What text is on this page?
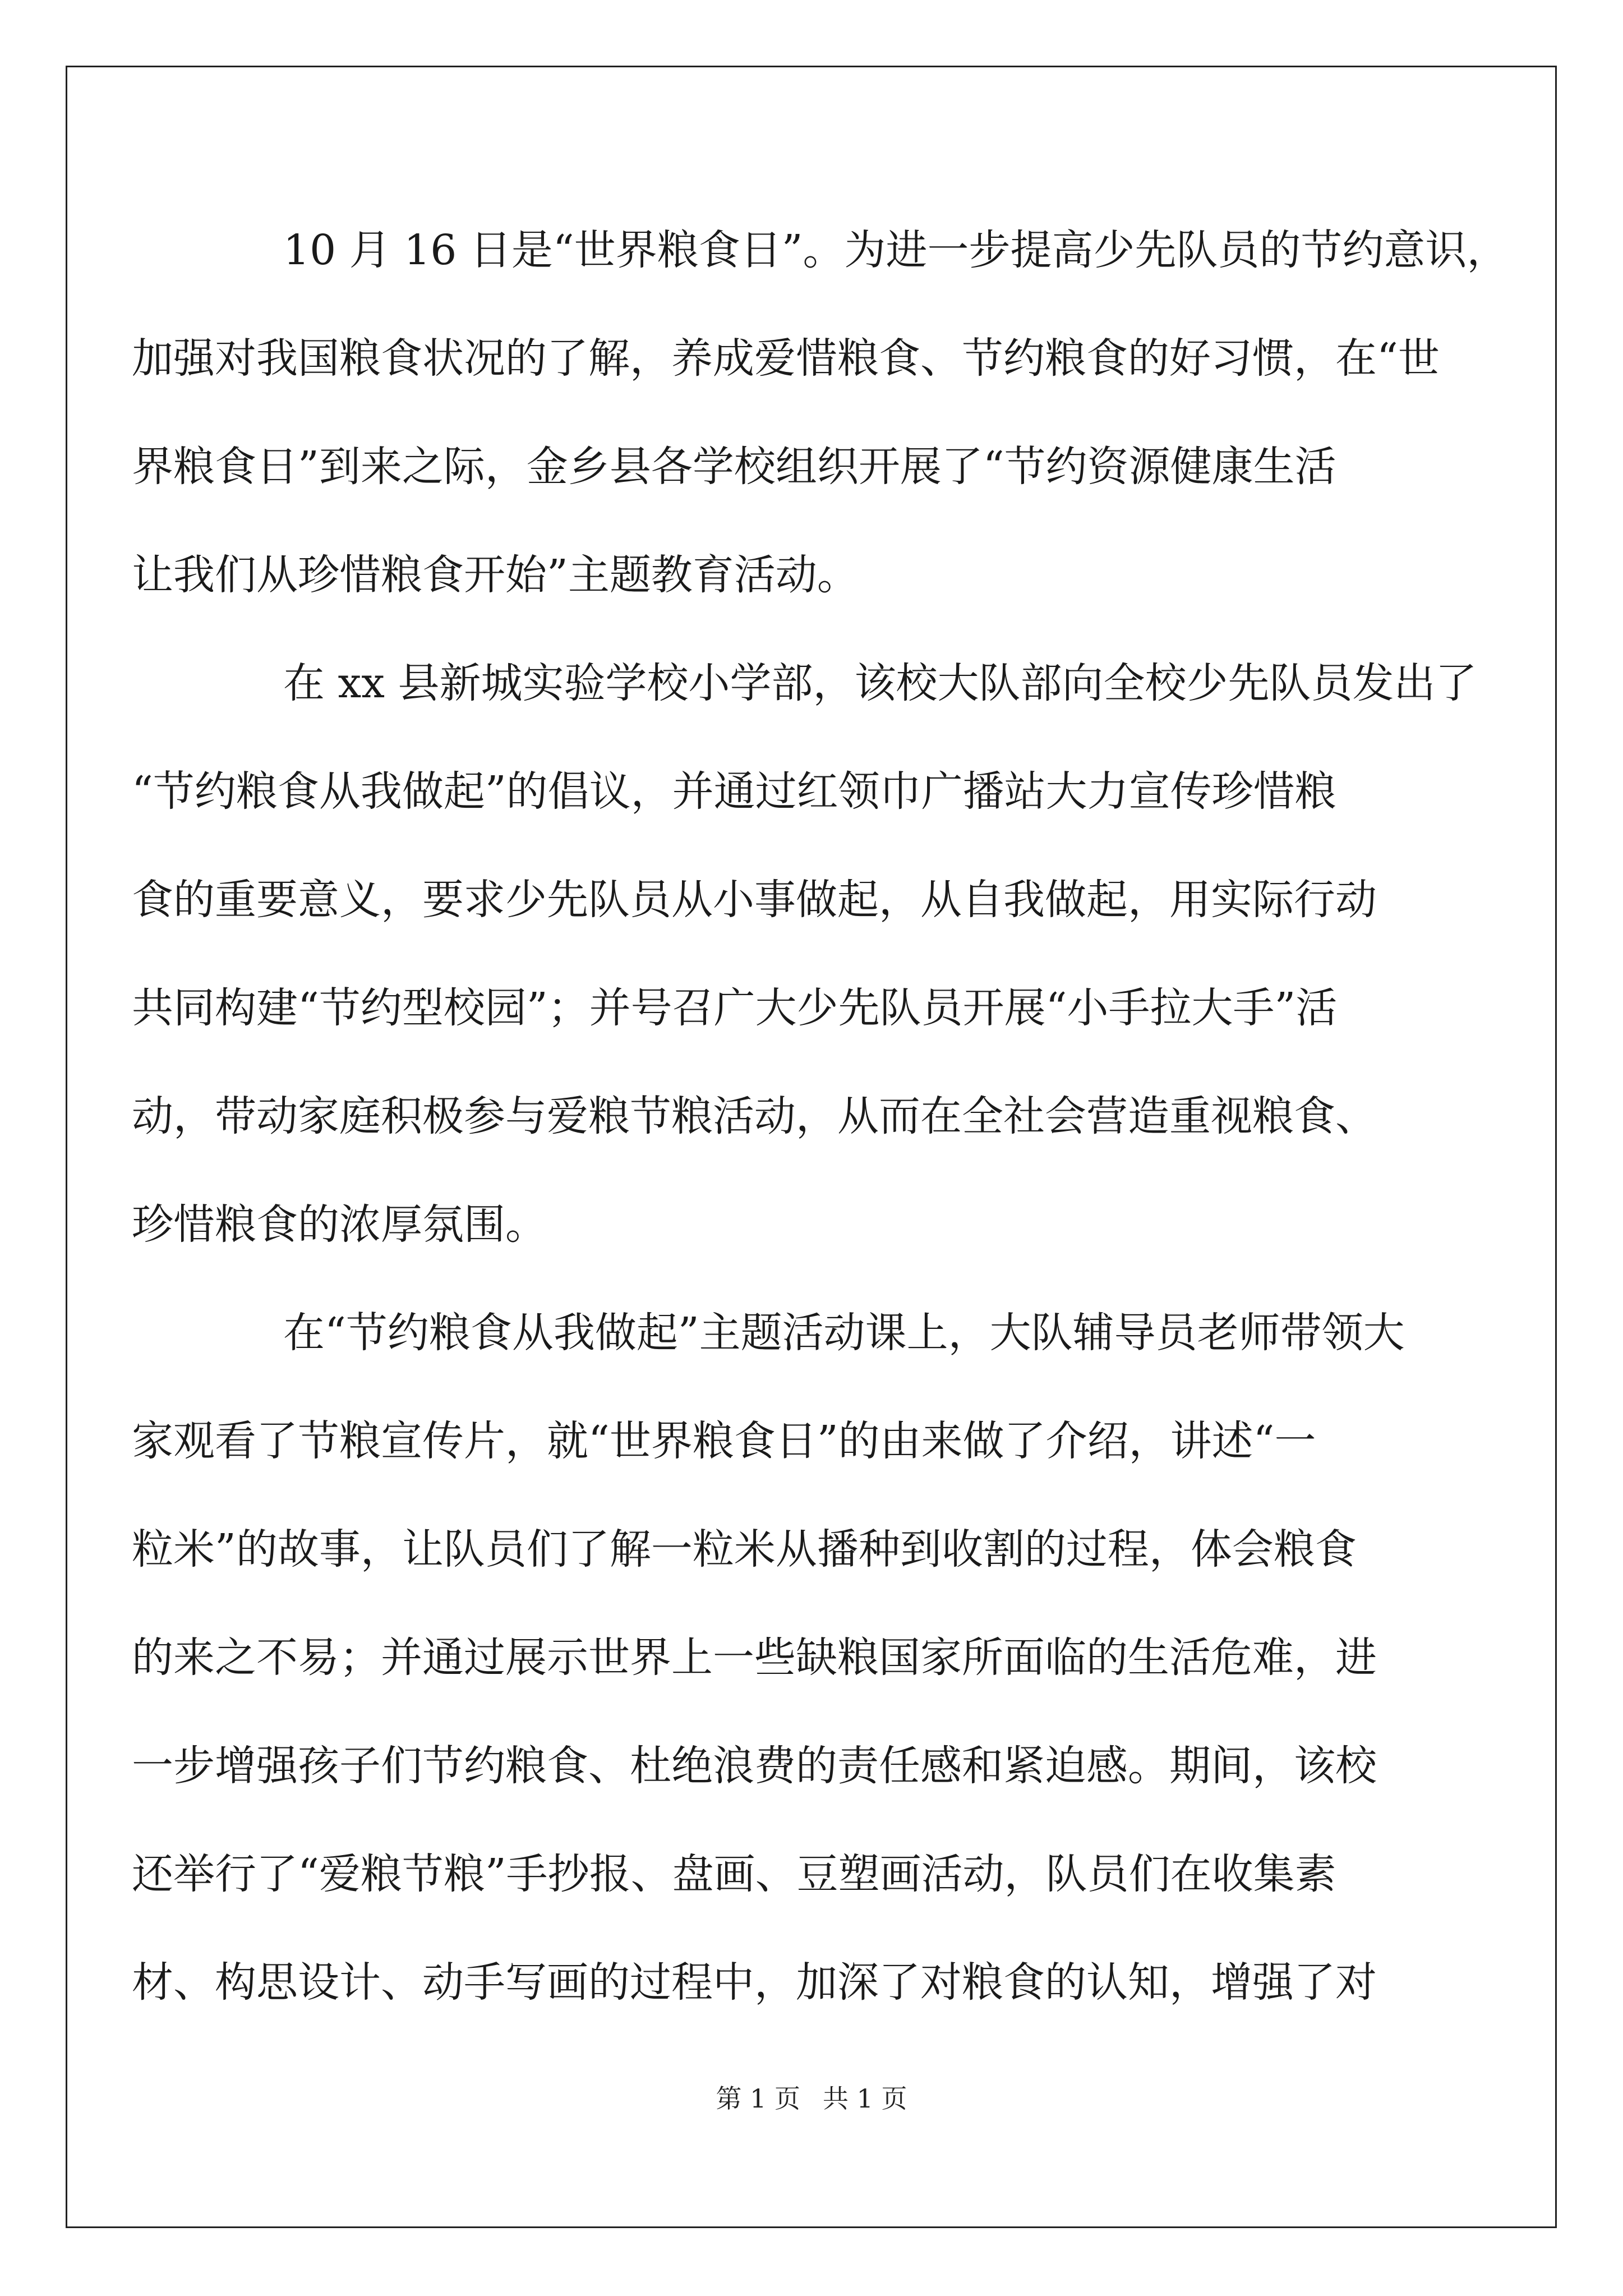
10 月 16 日是“世界粮食日”。为进一步提高少先队员的节约意识，
加强对我国粮食状况的了解，养成爱惜粮食、节约粮食的好习惯，在“世
界粮食日”到来之际，金乡县各学校组织开展了“节约资源健康生活
让我们从珍惜粮食开始”主题教育活动。
在 xx 县新城实验学校小学部，该校大队部向全校少先队员发出了
“节约粮食从我做起”的倡议，并通过红领巾广播站大力宣传珍惜粮
食的重要意义，要求少先队员从小事做起，从自我做起，用实际行动
共同构建“节约型校园”；并号召广大少先队员开展“小手拉大手”活
动，带动家庭积极参与爱粮节粮活动，从而在全社会营造重视粮食、
珍惜粮食的浓厚氛围。
在“节约粮食从我做起”主题活动课上，大队辅导员老师带领大
家观看了节粮宣传片，就“世界粮食日”的由来做了介绍，讲述“一
粒米”的故事，让队员们了解一粒米从播种到收割的过程，体会粮食
的来之不易；并通过展示世界上一些缺粮国家所面临的生活危难，进
一步增强孩子们节约粮食、杜绝浪费的责任感和紧迫感。期间，该校
还举行了“爱粮节粮”手抄报、盘画、豆塑画活动，队员们在收集素
材、构思设计、动手写画的过程中，加深了对粮食的认知，增强了对
第 1 页 共 1 页
